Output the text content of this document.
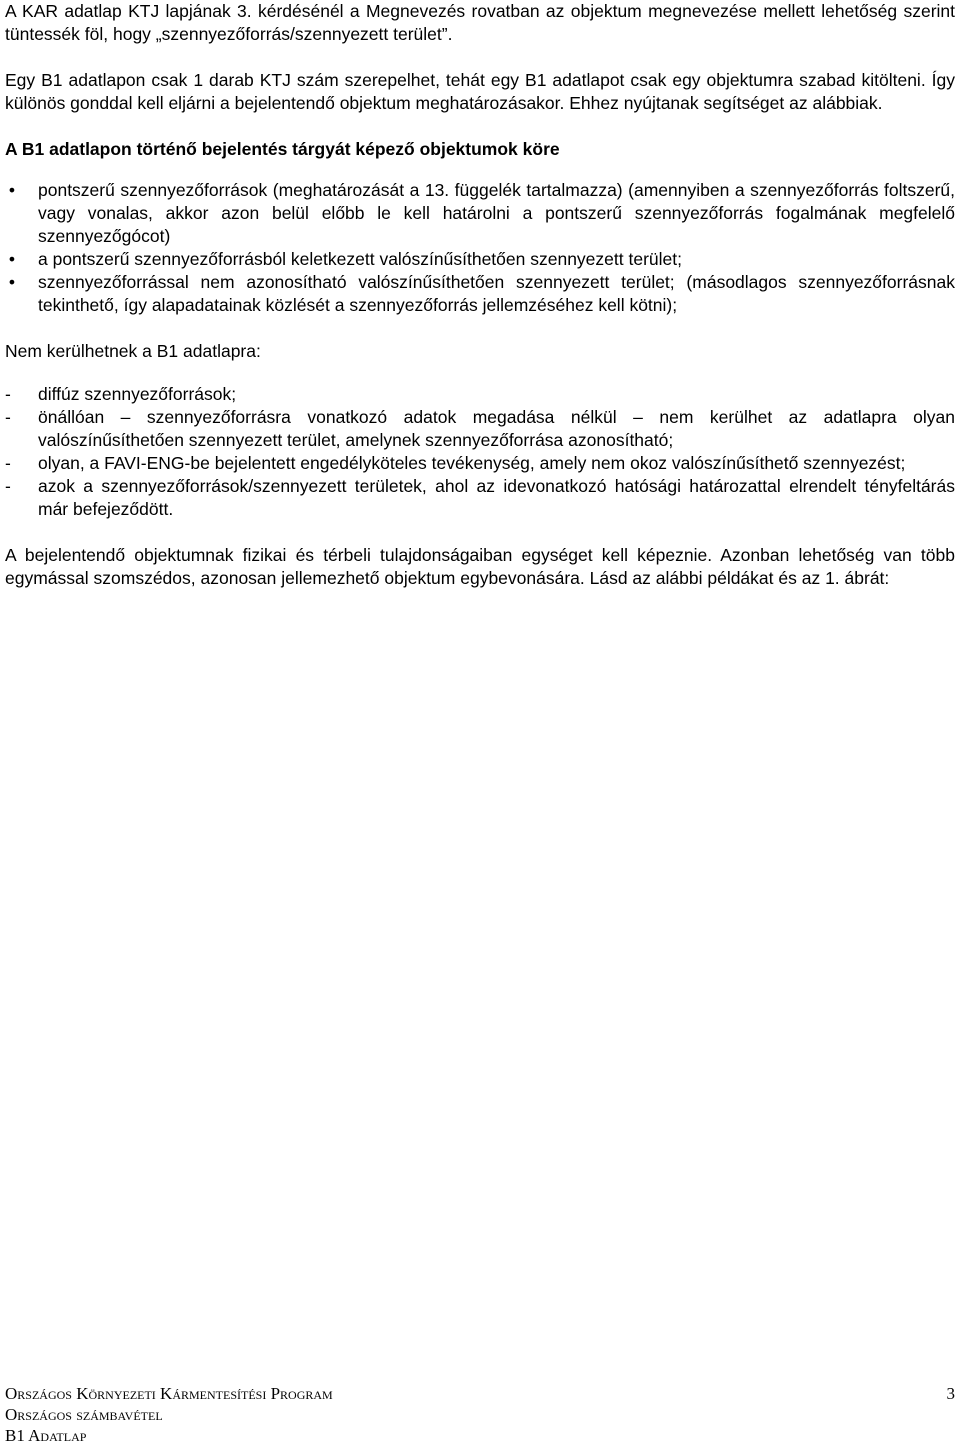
A KAR adatlap KTJ lapjának 3. kérdésénél a Megnevezés rovatban az objektum megnevezése mellett lehetőség szerint tüntessék föl, hogy „szennyezőforrás/szennyezett terület”.

Egy B1 adatlapon csak 1 darab KTJ szám szerepelhet, tehát egy B1 adatlapot csak egy objektumra szabad kitölteni. Így különös gonddal kell eljárni a bejelentendő objektum meghatározásakor. Ehhez nyújtanak segítséget az alábbiak.

A B1 adatlapon történő bejelentés tárgyát képező objektumok köre
• pontszerű szennyezőforrások (meghatározását a 13. függelék tartalmazza) (amennyiben a szennyezőforrás foltszerű, vagy vonalas, akkor azon belül előbb le kell határolni a pontszerű szennyezőforrás fogalmának megfelelő szennyezőgócot)
• a pontszerű szennyezőforrásból keletkezett valószínűsíthetően szennyezett terület;
• szennyezőforrással nem azonosítható valószínűsíthetően szennyezett terület; (másodlagos szennyezőforrásnak tekinthető, így alapadatainak közlését a szennyezőforrás jellemzéséhez kell kötni);

Nem kerülhetnek a B1 adatlapra:

- diffúz szennyezőforrások;
- önállóan – szennyezőforrásra vonatkozó adatok megadása nélkül – nem kerülhet az adatlapra olyan valószínűsíthetően szennyezett terület, amelynek szennyezőforrása azonosítható;
- olyan, a FAVI-ENG-be bejelentett engedélyköteles tevékenység, amely nem okoz valószínűsíthető szennyezést;
- azok a szennyezőforrások/szennyezett területek, ahol az idevonatkozó hatósági határozattal elrendelt tényfeltárás már befejeződött.

A bejelentendő objektumnak fizikai és térbeli tulajdonságaiban egységet kell képeznie. Azonban lehetőség van több egymással szomszédos, azonosan jellemezhető objektum egybevonására. Lásd az alábbi példákat és az 1. ábrát:

Országos Környezeti Kármentesítési Program	3
Országos számbavétel
B1 Adatlap
